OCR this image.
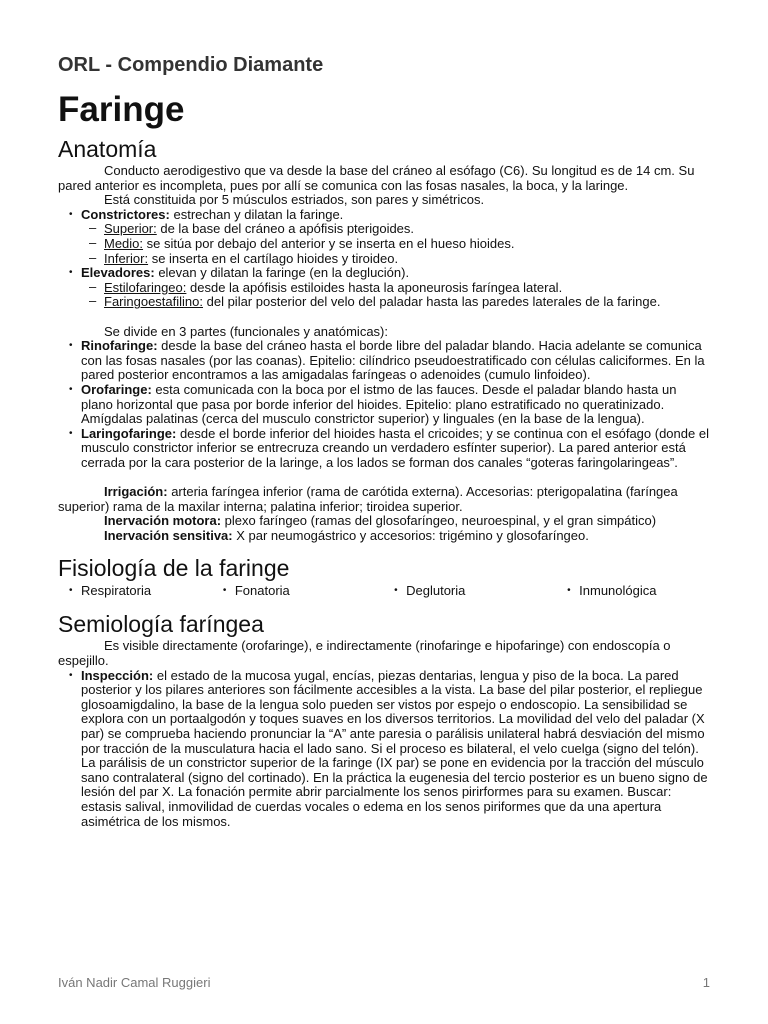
ORL - Compendio Diamante
Faringe
Anatomía

Conducto aerodigestivo que va desde la base del cráneo al esófago (C6). Su longitud es de 14 cm. Su pared anterior es incompleta, pues por allí se comunica con las fosas nasales, la boca, y la laringe.

Está constituida por 5 músculos estriados, son pares y simétricos.

• Constrictores: estrechan y dilatan la faringe.
– Superior: de la base del cráneo a apófisis pterigoides.
– Medio: se sitúa por debajo del anterior y se inserta en el hueso hioides.
– Inferior: se inserta en el cartílago hioides y tiroideo.
• Elevadores: elevan y dilatan la faringe (en la deglución).
– Estilofaringeo: desde la apófisis estiloides hasta la aponeurosis faríngea lateral.
– Faringoestafilino: del pilar posterior del velo del paladar hasta las paredes laterales de la faringe.

Se divide en 3 partes (funcionales y anatómicas):

• Rinofaringe: desde la base del cráneo hasta el borde libre del paladar blando. Hacia adelante se comunica con las fosas nasales (por las coanas). Epitelio: cilíndrico pseudoestratificado con células caliciformes. En la pared posterior encontramos a las amigadalas faríngeas o adenoides (cumulo linfoideo).
• Orofaringe: esta comunicada con la boca por el istmo de las fauces. Desde el paladar blando hasta un plano horizontal que pasa por borde inferior del hioides. Epitelio: plano estratificado no queratinizado. Amígdalas palatinas (cerca del musculo constrictor superior) y linguales (en la base de la lengua).
• Laringofaringe: desde el borde inferior del hioides hasta el cricoides; y se continua con el esófago (donde el musculo constrictor inferior se entrecruza creando un verdadero esfínter superior). La pared anterior está cerrada por la cara posterior de la laringe, a los lados se forman dos canales “goteras faringolaringeas”.

Irrigación: arteria faríngea inferior (rama de carótida externa). Accesorias: pterigopalatina (faríngea superior) rama de la maxilar interna; palatina inferior; tiroidea superior.

Inervación motora: plexo faríngeo (ramas del glosofaríngeo, neuroespinal, y el gran simpático)

Inervación sensitiva: X par neumogástrico y accesorios: trigémino y glosofaríngeo.

Fisiología de la faringe
• Respiratoria	• Fonatoria	• Deglutoria	• Inmunológica
Semiología faríngea

Es visible directamente (orofaringe), e indirectamente (rinofaringe e hipofaringe) con endoscopía o espejillo.

• Inspección: el estado de la mucosa yugal, encías, piezas dentarias, lengua y piso de la boca. La pared posterior y los pilares anteriores son fácilmente accesibles a la vista. La base del pilar posterior, el repliegue glosoamigdalino, la base de la lengua solo pueden ser vistos por espejo o endoscopio. La sensibilidad se explora con un portaalgodón y toques suaves en los diversos territorios. La movilidad del velo del paladar (X par) se comprueba haciendo pronunciar la “A” ante paresia o parálisis unilateral habrá desviación del mismo por tracción de la musculatura hacia el lado sano. Si el proceso es bilateral, el velo cuelga (signo del telón). La parálisis de un constrictor superior de la faringe (IX par) se pone en evidencia por la tracción del músculo sano contralateral (signo del cortinado). En la práctica la eugenesia del tercio posterior es un bueno signo de lesión del par X. La fonación permite abrir parcialmente los senos pirirformes para su examen. Buscar: estasis salival, inmovilidad de cuerdas vocales o edema en los senos piriformes que da una apertura asimétrica de los mismos.
Iván Nadir Camal Ruggieri	1
